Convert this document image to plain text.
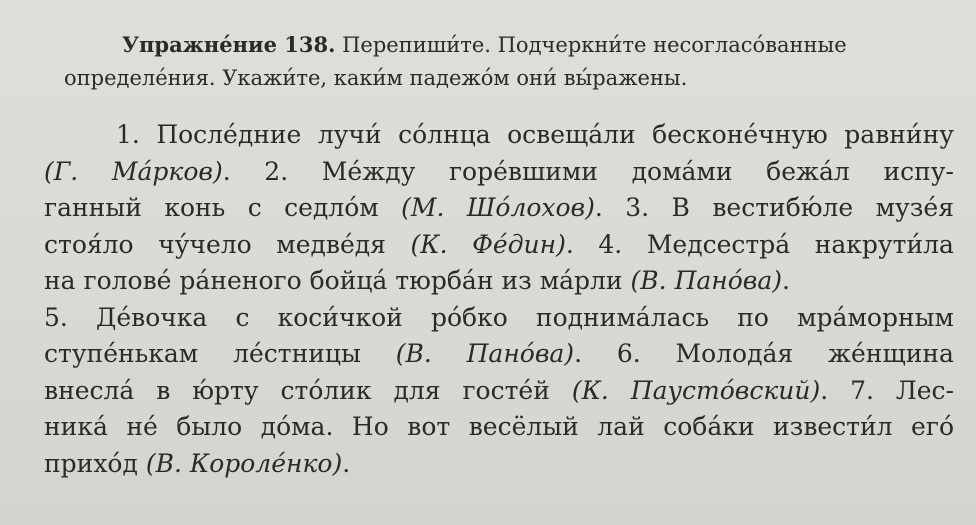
Упражне́ние 138. Перепиши́те. Подчеркни́те несогласо́ванные
определе́ния. Укажи́те, каки́м падежо́м они́ вы́ражены.
1. После́дние лучи́ со́лнца освеща́ли бесконе́чную равни́ну
(Г. Ма́рков). 2. Ме́жду горе́вшими дома́ми бежа́л испу-
ганный конь с седло́м (М. Шо́лохов). 3. В вестибю́ле музе́я
стоя́ло чу́чело медве́дя (К. Фе́дин). 4. Медсестра́ накрути́ла
на голове́ ра́неного бойца́ тюрба́н из ма́рли (В. Пано́ва).
5. Де́вочка с коси́чкой ро́бко поднима́лась по мра́морным
ступе́нькам ле́стницы (В. Пано́ва). 6. Молода́я же́нщина
внесла́ в ю́рту сто́лик для госте́й (К. Паусто́вский). 7. Лес-
ника́ не́ было до́ма. Но вот весёлый лай соба́ки извести́л его́
прихо́д (В. Короле́нко).
